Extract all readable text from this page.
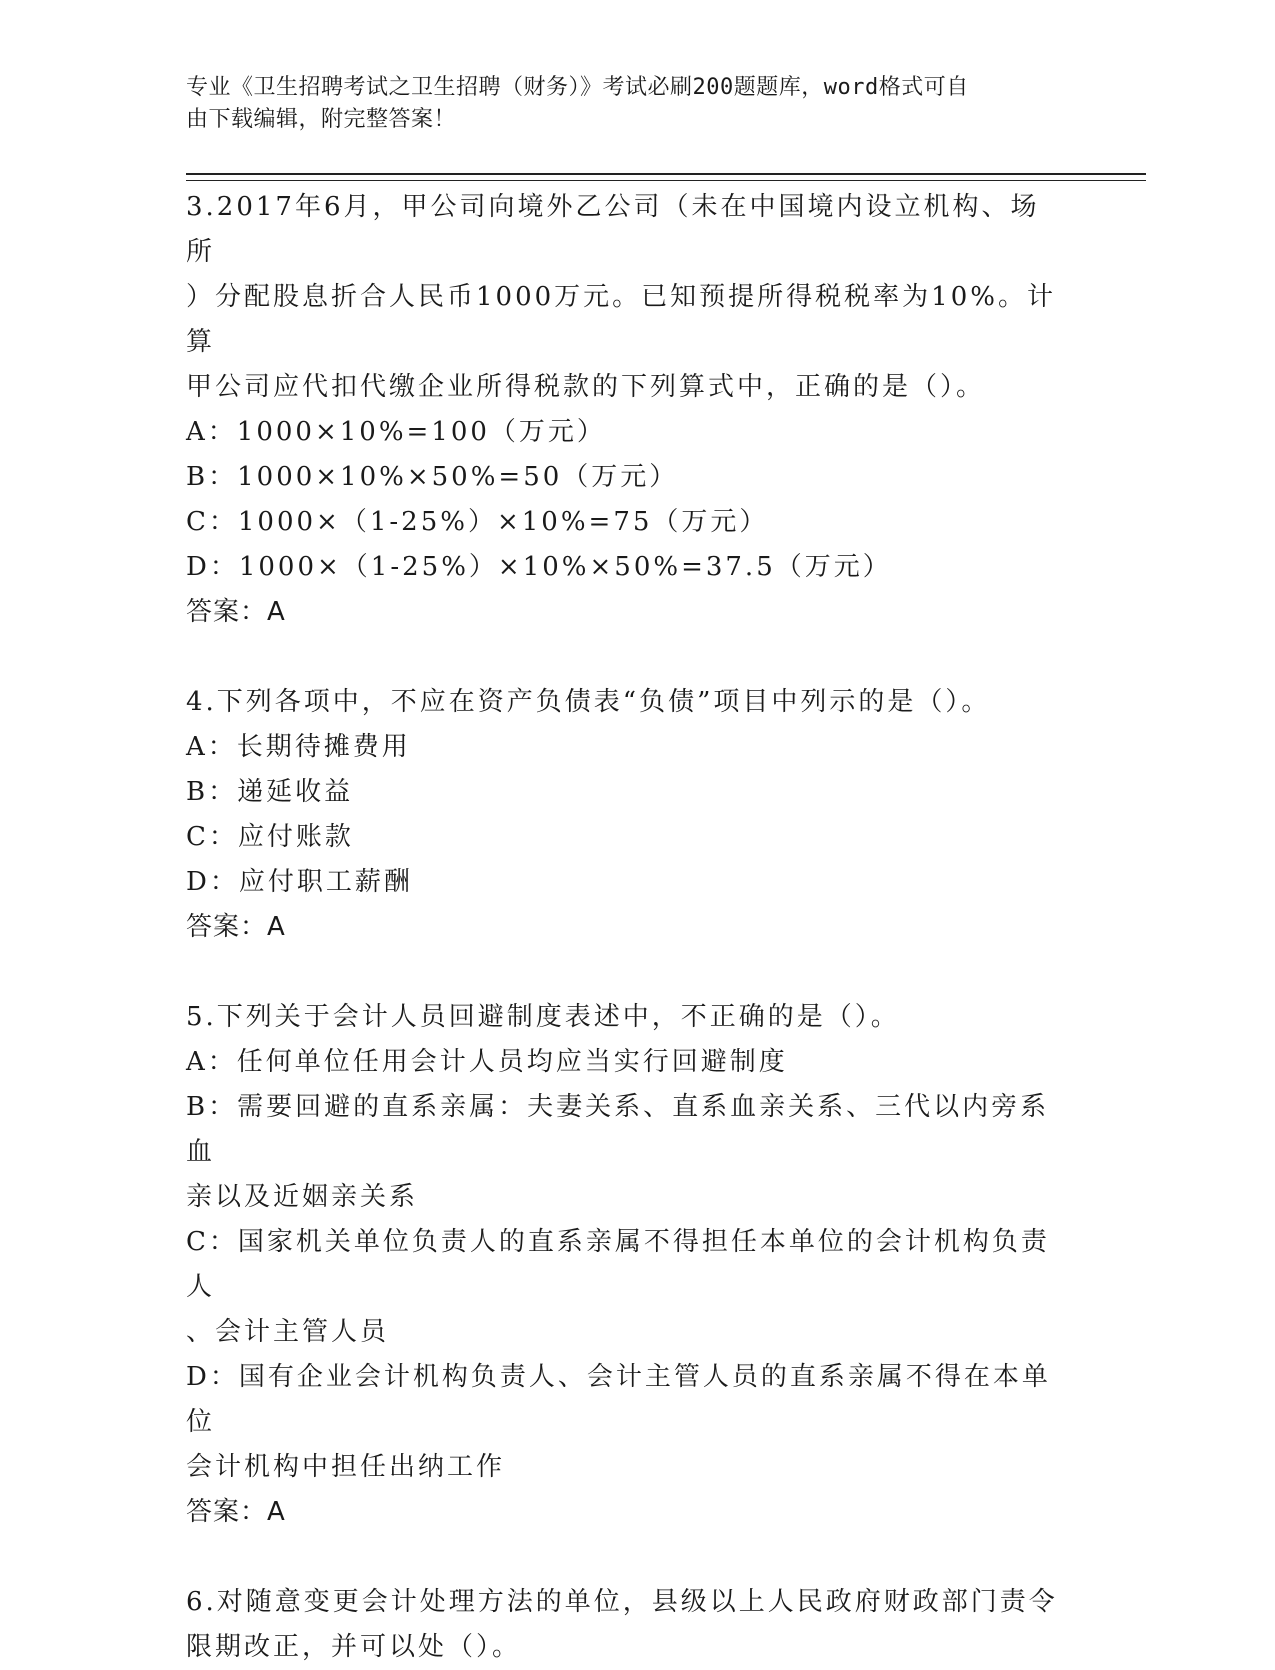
专业《卫生招聘考试之卫生招聘（财务）》考试必刷200题题库，word格式可自
由下载编辑，附完整答案！
3.2017年6月，甲公司向境外乙公司（未在中国境内设立机构、场所
）分配股息折合人民币1000万元。已知预提所得税税率为10%。计算
甲公司应代扣代缴企业所得税款的下列算式中，正确的是（）。
A：1000×10%=100（万元）
B：1000×10%×50%=50（万元）
C：1000×（1-25%）×10%=75（万元）
D：1000×（1-25%）×10%×50%=37.5（万元）
答案：A
4.下列各项中，不应在资产负债表“负债”项目中列示的是（）。
A：长期待摊费用
B：递延收益
C：应付账款
D：应付职工薪酬
答案：A
5.下列关于会计人员回避制度表述中，不正确的是（）。
A：任何单位任用会计人员均应当实行回避制度
B：需要回避的直系亲属：夫妻关系、直系血亲关系、三代以内旁系血
亲以及近姻亲关系
C：国家机关单位负责人的直系亲属不得担任本单位的会计机构负责人
、会计主管人员
D：国有企业会计机构负责人、会计主管人员的直系亲属不得在本单位
会计机构中担任出纳工作
答案：A
6.对随意变更会计处理方法的单位，县级以上人民政府财政部门责令
限期改正，并可以处（）。
